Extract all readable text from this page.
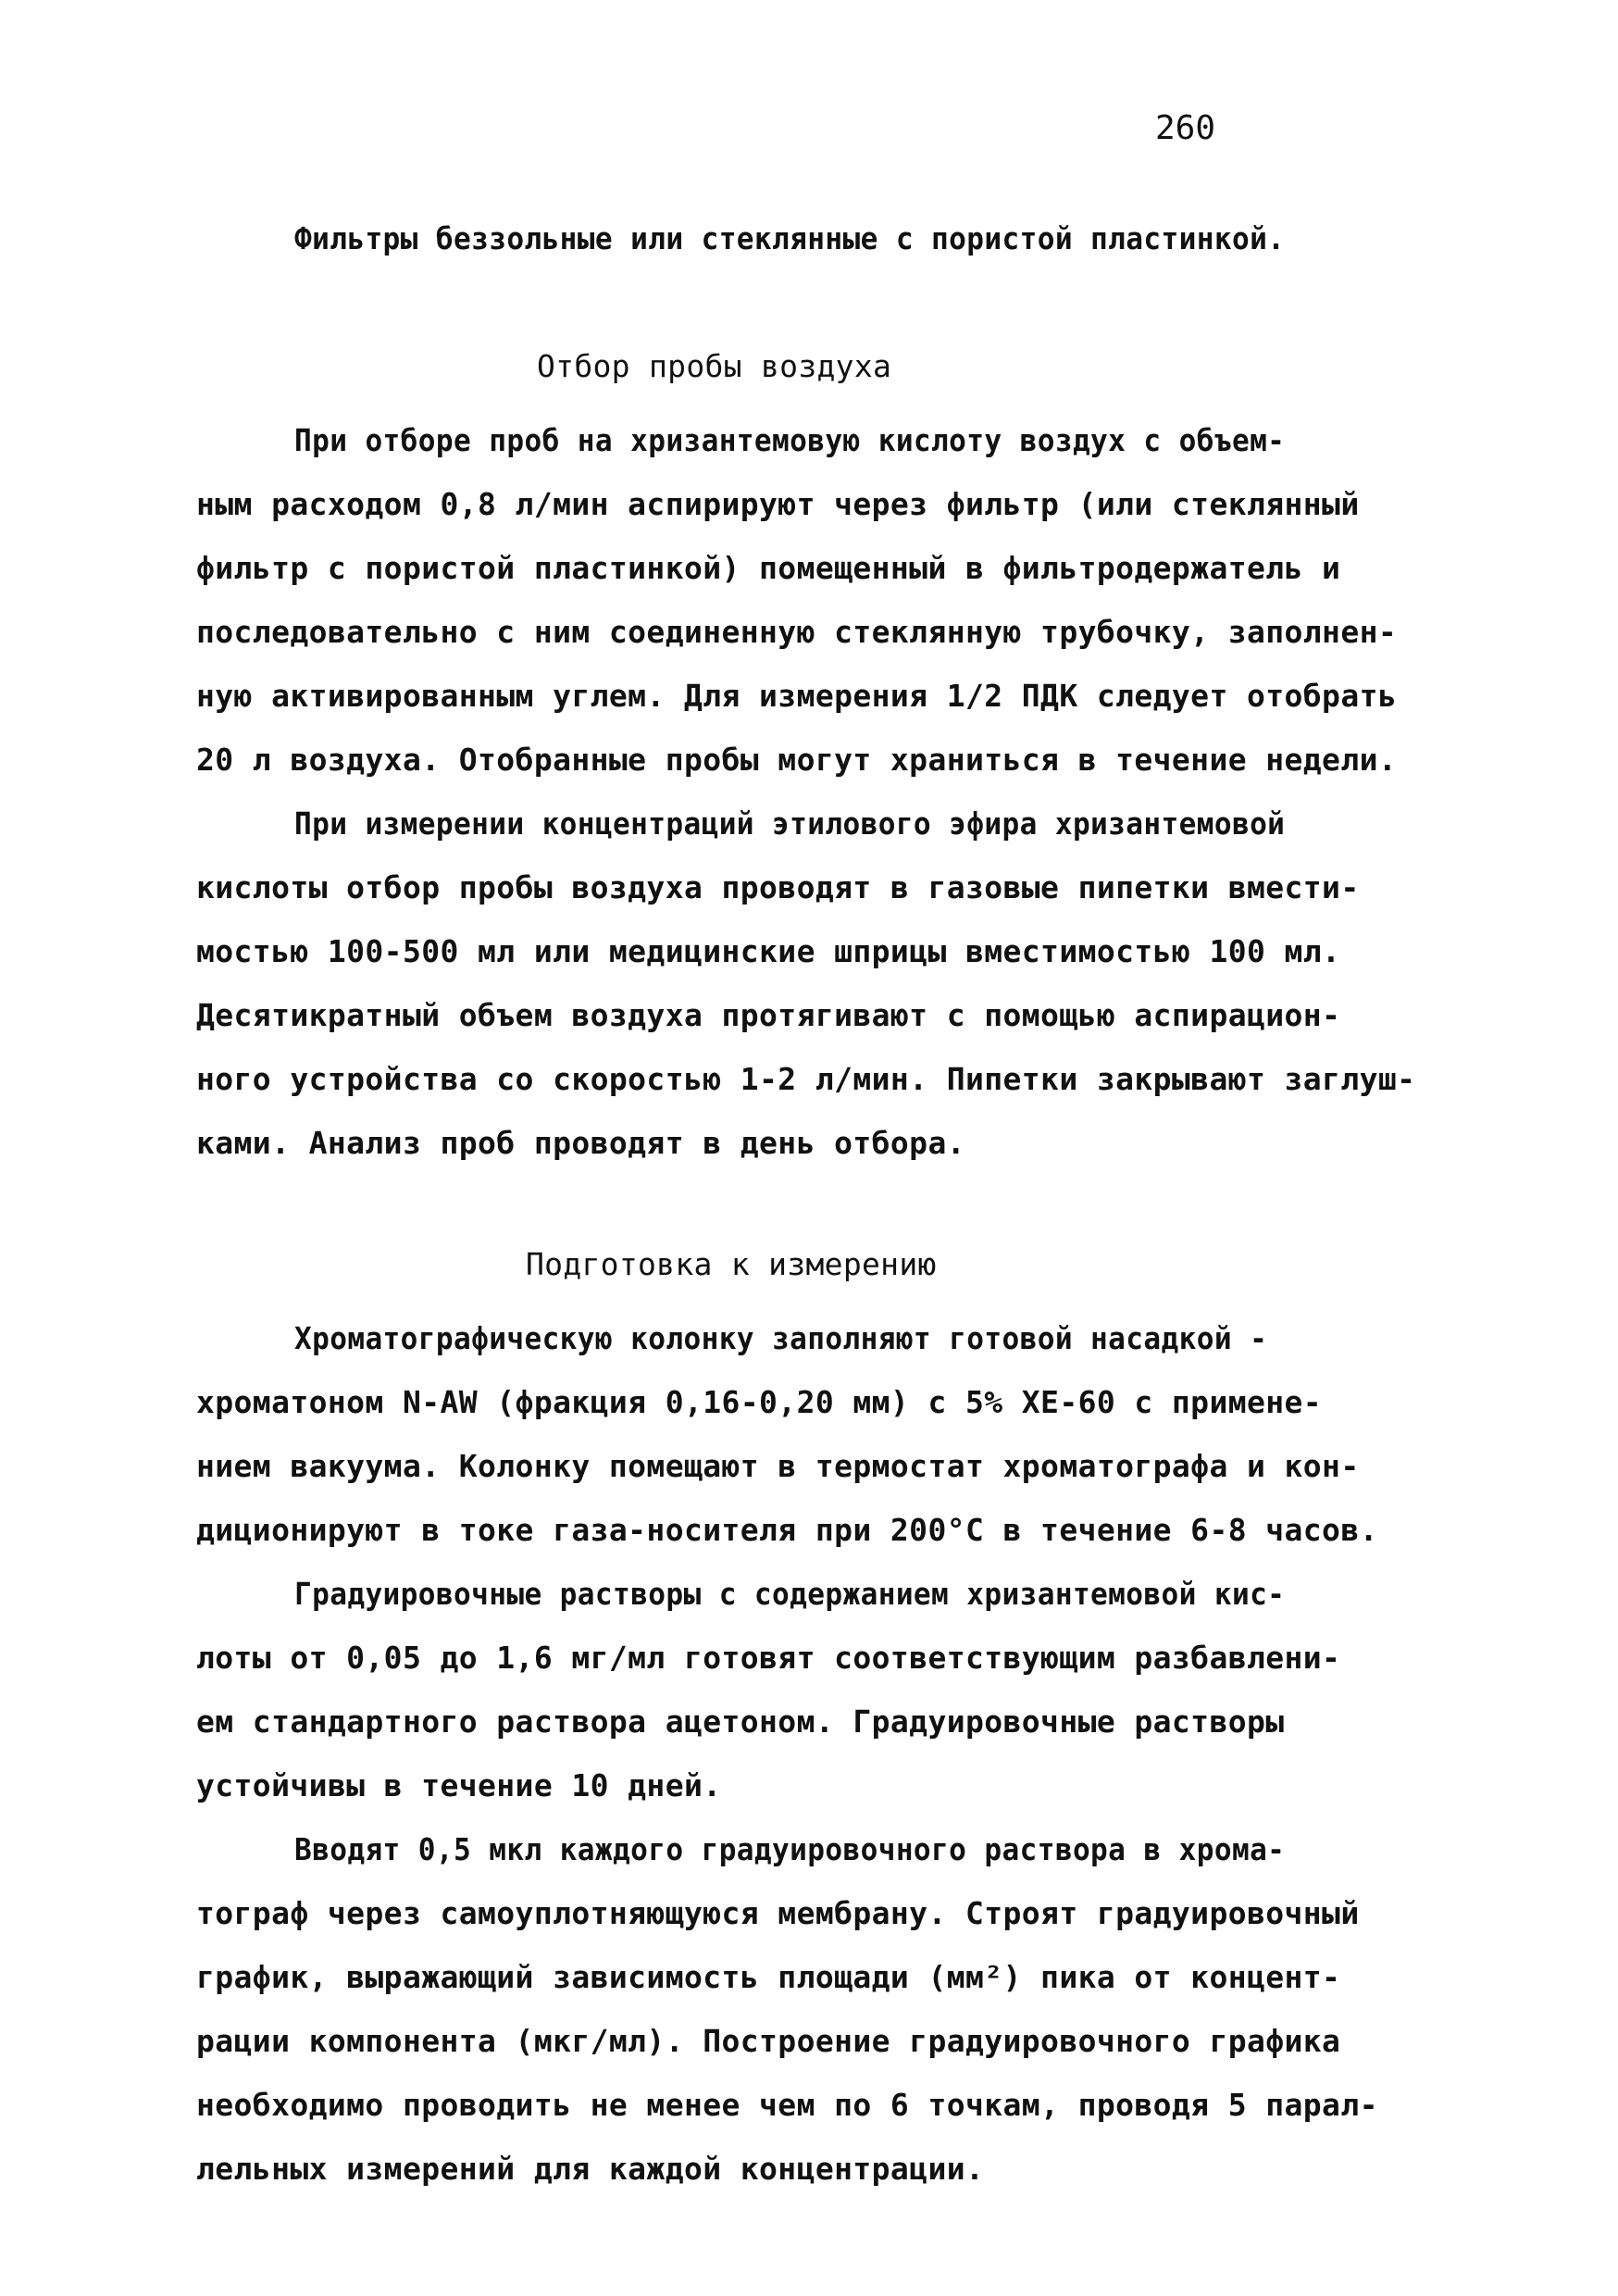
260
Фильтры беззольные или стеклянные с пористой пластинкой.
Отбор пробы воздуха
При отборе проб на хризантемовую кислоту воздух с объем-
ным расходом 0,8 л/мин аспирируют через фильтр (или стеклянный
фильтр с пористой пластинкой) помещенный в фильтродержатель и
последовательно с ним соединенную стеклянную трубочку, заполнен-
ную активированным углем. Для измерения 1/2 ПДК следует отобрать
20 л воздуха. Отобранные пробы могут храниться в течение недели.
При измерении концентраций этилового эфира хризантемовой
кислоты отбор пробы воздуха проводят в газовые пипетки вмести-
мостью 100-500 мл или медицинские шприцы вместимостью 100 мл.
Десятикратный объем воздуха протягивают с помощью аспирацион-
ного устройства со скоростью 1-2 л/мин. Пипетки закрывают заглуш-
ками. Анализ проб проводят в день отбора.
Подготовка к измерению
Хроматографическую колонку заполняют готовой насадкой -
хроматоном N-AW (фракция 0,16-0,20 мм) с 5% XE-60 с примене-
нием вакуума. Колонку помещают в термостат хроматографа и кон-
диционируют в токе газа-носителя при 200°C в течение 6-8 часов.
Градуировочные растворы с содержанием хризантемовой кис-
лоты от 0,05 до 1,6 мг/мл готовят соответствующим разбавлени-
ем стандартного раствора ацетоном. Градуировочные растворы
устойчивы в течение 10 дней.
Вводят 0,5 мкл каждого градуировочного раствора в хрома-
тограф через самоуплотняющуюся мембрану. Строят градуировочный
график, выражающий зависимость площади (мм²) пика от концент-
рации компонента (мкг/мл). Построение градуировочного графика
необходимо проводить не менее чем по 6 точкам, проводя 5 парал-
лельных измерений для каждой концентрации.
